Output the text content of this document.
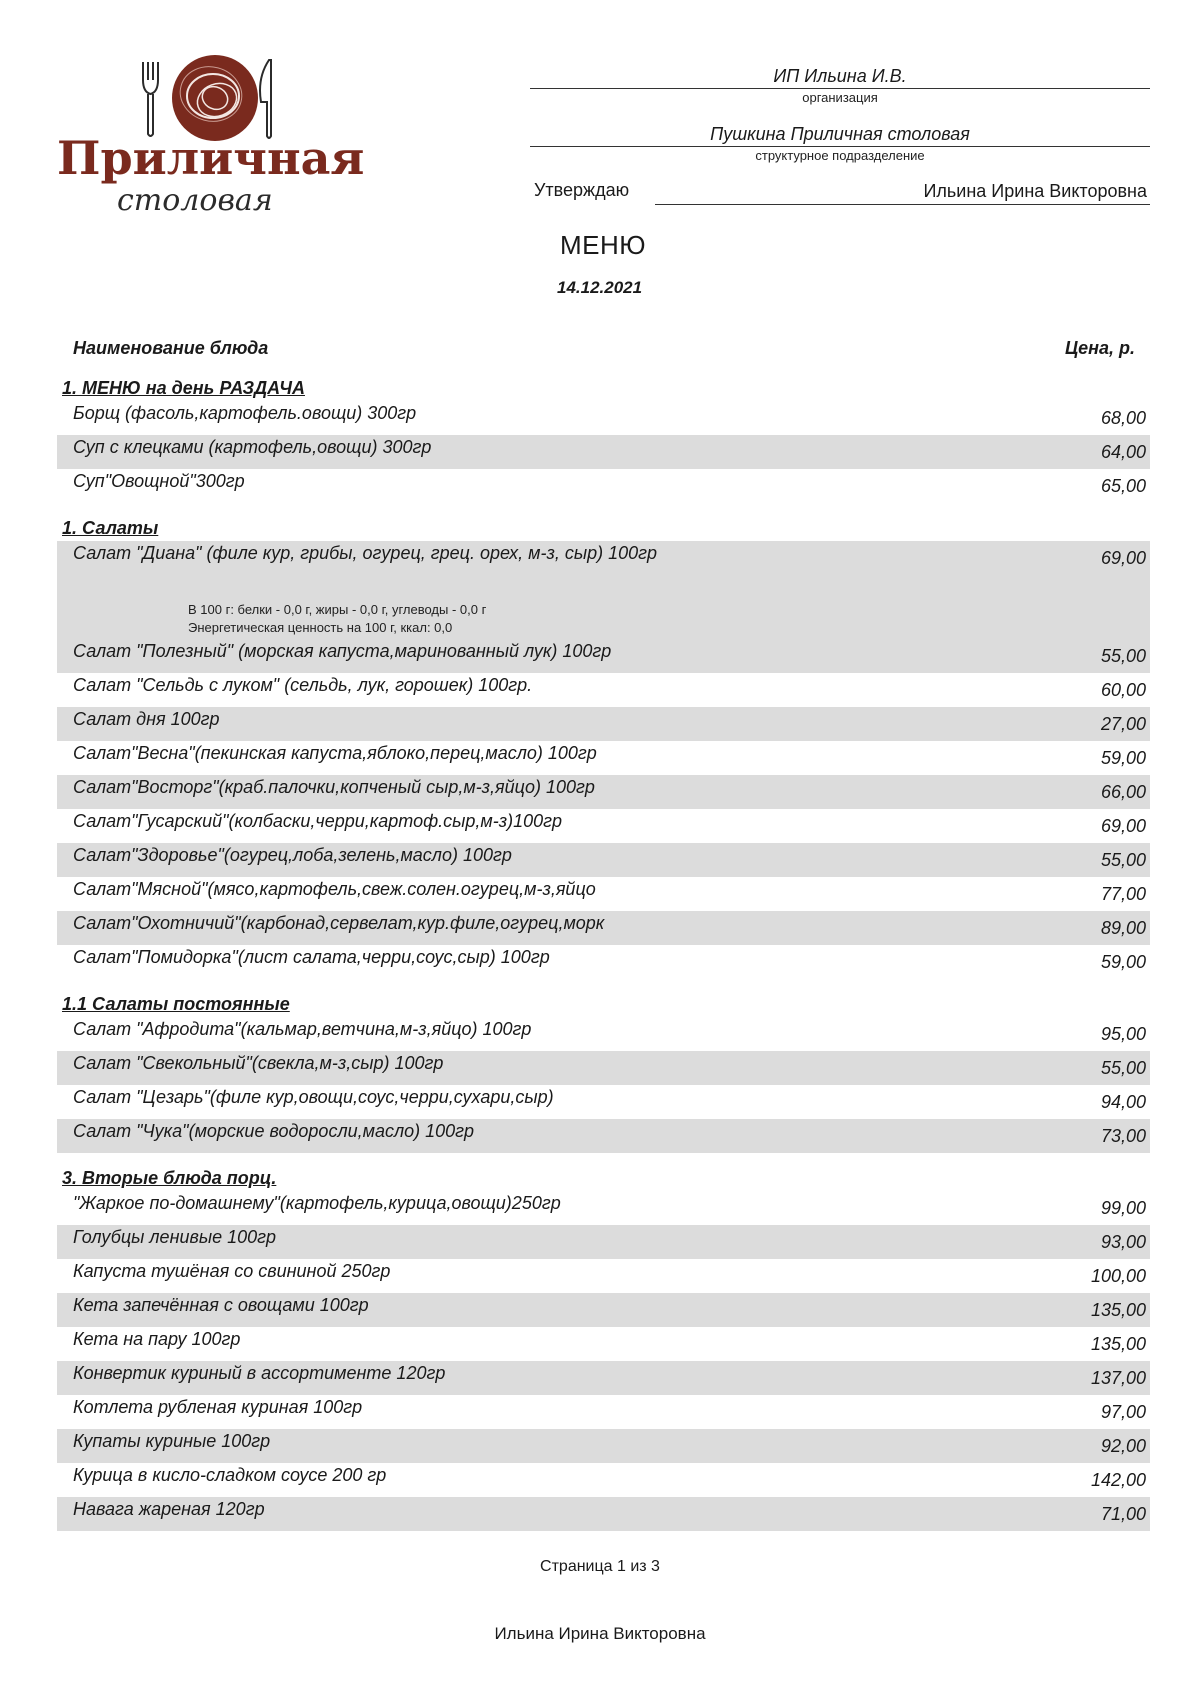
Приличная
столовая
ИП Ильина И.В.
организация
Пушкина Приличная столовая
структурное подразделение
Утверждаю	Ильина Ирина Викторовна
МЕНЮ
14.12.2021
Наименование блюда	Цена, р.
1. МЕНЮ на день РАЗДАЧА
Борщ (фасоль,картофель.овощи) 300гр	68,00
Суп с клецками (картофель,овощи) 300гр	64,00
Суп"Овощной"300гр	65,00
1. Салаты
Салат "Диана" (филе кур, грибы, огурец, грец. орех, м-з, сыр) 100гр	69,00
В 100 г: белки - 0,0 г, жиры - 0,0 г, углеводы - 0,0 г
Энергетическая ценность на 100 г, ккал: 0,0
Салат "Полезный" (морская капуста,маринованный лук) 100гр	55,00
Салат "Сельдь с луком" (сельдь, лук, горошек) 100гр.	60,00
Салат дня 100гр	27,00
Салат"Весна"(пекинская капуста,яблоко,перец,масло) 100гр	59,00
Салат"Восторг"(краб.палочки,копченый сыр,м-з,яйцо) 100гр	66,00
Салат"Гусарский"(колбаски,черри,картоф.сыр,м-з)100гр	69,00
Салат"Здоровье"(огурец,лоба,зелень,масло) 100гр	55,00
Салат"Мясной"(мясо,картофель,свеж.солен.огурец,м-з,яйцо	77,00
Салат"Охотничий"(карбонад,сервелат,кур.филе,огурец,морк	89,00
Салат"Помидорка"(лист салата,черри,соус,сыр) 100гр	59,00
1.1 Салаты постоянные
Салат "Афродита"(кальмар,ветчина,м-з,яйцо) 100гр	95,00
Салат "Свекольный"(свекла,м-з,сыр) 100гр	55,00
Салат "Цезарь"(филе кур,овощи,соус,черри,сухари,сыр)	94,00
Салат "Чука"(морские водоросли,масло) 100гр	73,00
3. Вторые блюда порц.
"Жаркое по-домашнему"(картофель,курица,овощи)250гр	99,00
Голубцы ленивые 100гр	93,00
Капуста тушёная со свининой 250гр	100,00
Кета запечённая с овощами 100гр	135,00
Кета на пару 100гр	135,00
Конвертик куриный в ассортименте 120гр	137,00
Котлета рубленая куриная 100гр	97,00
Купаты куриные 100гр	92,00
Курица в кисло-сладком соусе 200 гр	142,00
Навага жареная 120гр	71,00
Страница 1 из 3
Ильина Ирина Викторовна
